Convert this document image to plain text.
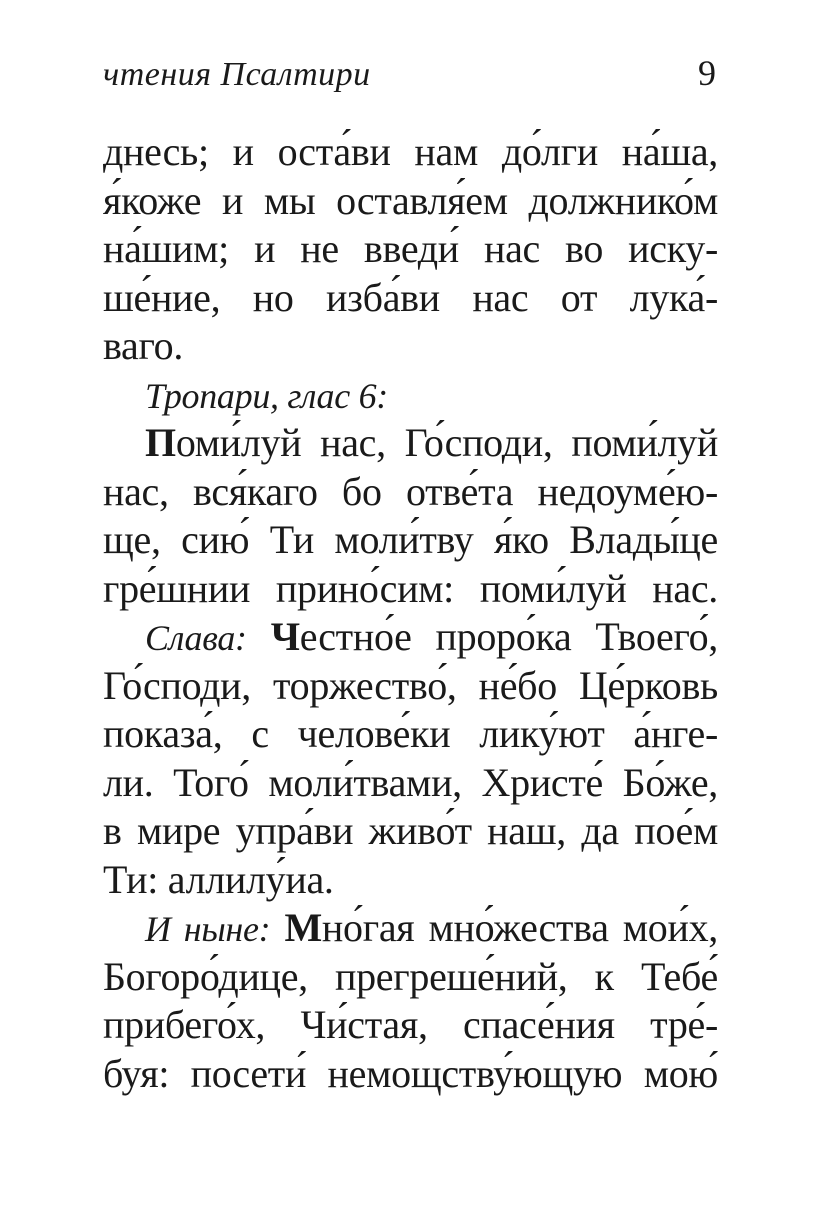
чтения Псалтири	9
днесь; и оста́ви нам до́лги на́ша,
я́коже и мы оставля́ем должнико́м
на́шим; и не введи́ нас во иску-
ше́ние, но изба́ви нас от лука́-
ваго.
Тропари, глас 6:
Поми́луй нас, Го́споди, поми́луй
нас, вся́каго бо отве́та недоуме́ю-
ще, сию́ Ти моли́тву я́ко Влады́це
гре́шнии прино́сим: поми́луй нас.
Слава: Честно́е проро́ка Твоего́,
Го́споди, торжество́, не́бо Це́рковь
показа́, с челове́ки лику́ют а́нге-
ли. Того́ моли́твами, Христе́ Бо́же,
в мире упра́ви живо́т наш, да пое́м
Ти: аллилу́иа.
И ныне: Мно́гая мно́жества мои́х,
Богоро́дице, прегреше́ний, к Тебе́
прибего́х, Чи́стая, спасе́ния тре́-
буя: посети́ немощству́ющую мою́
